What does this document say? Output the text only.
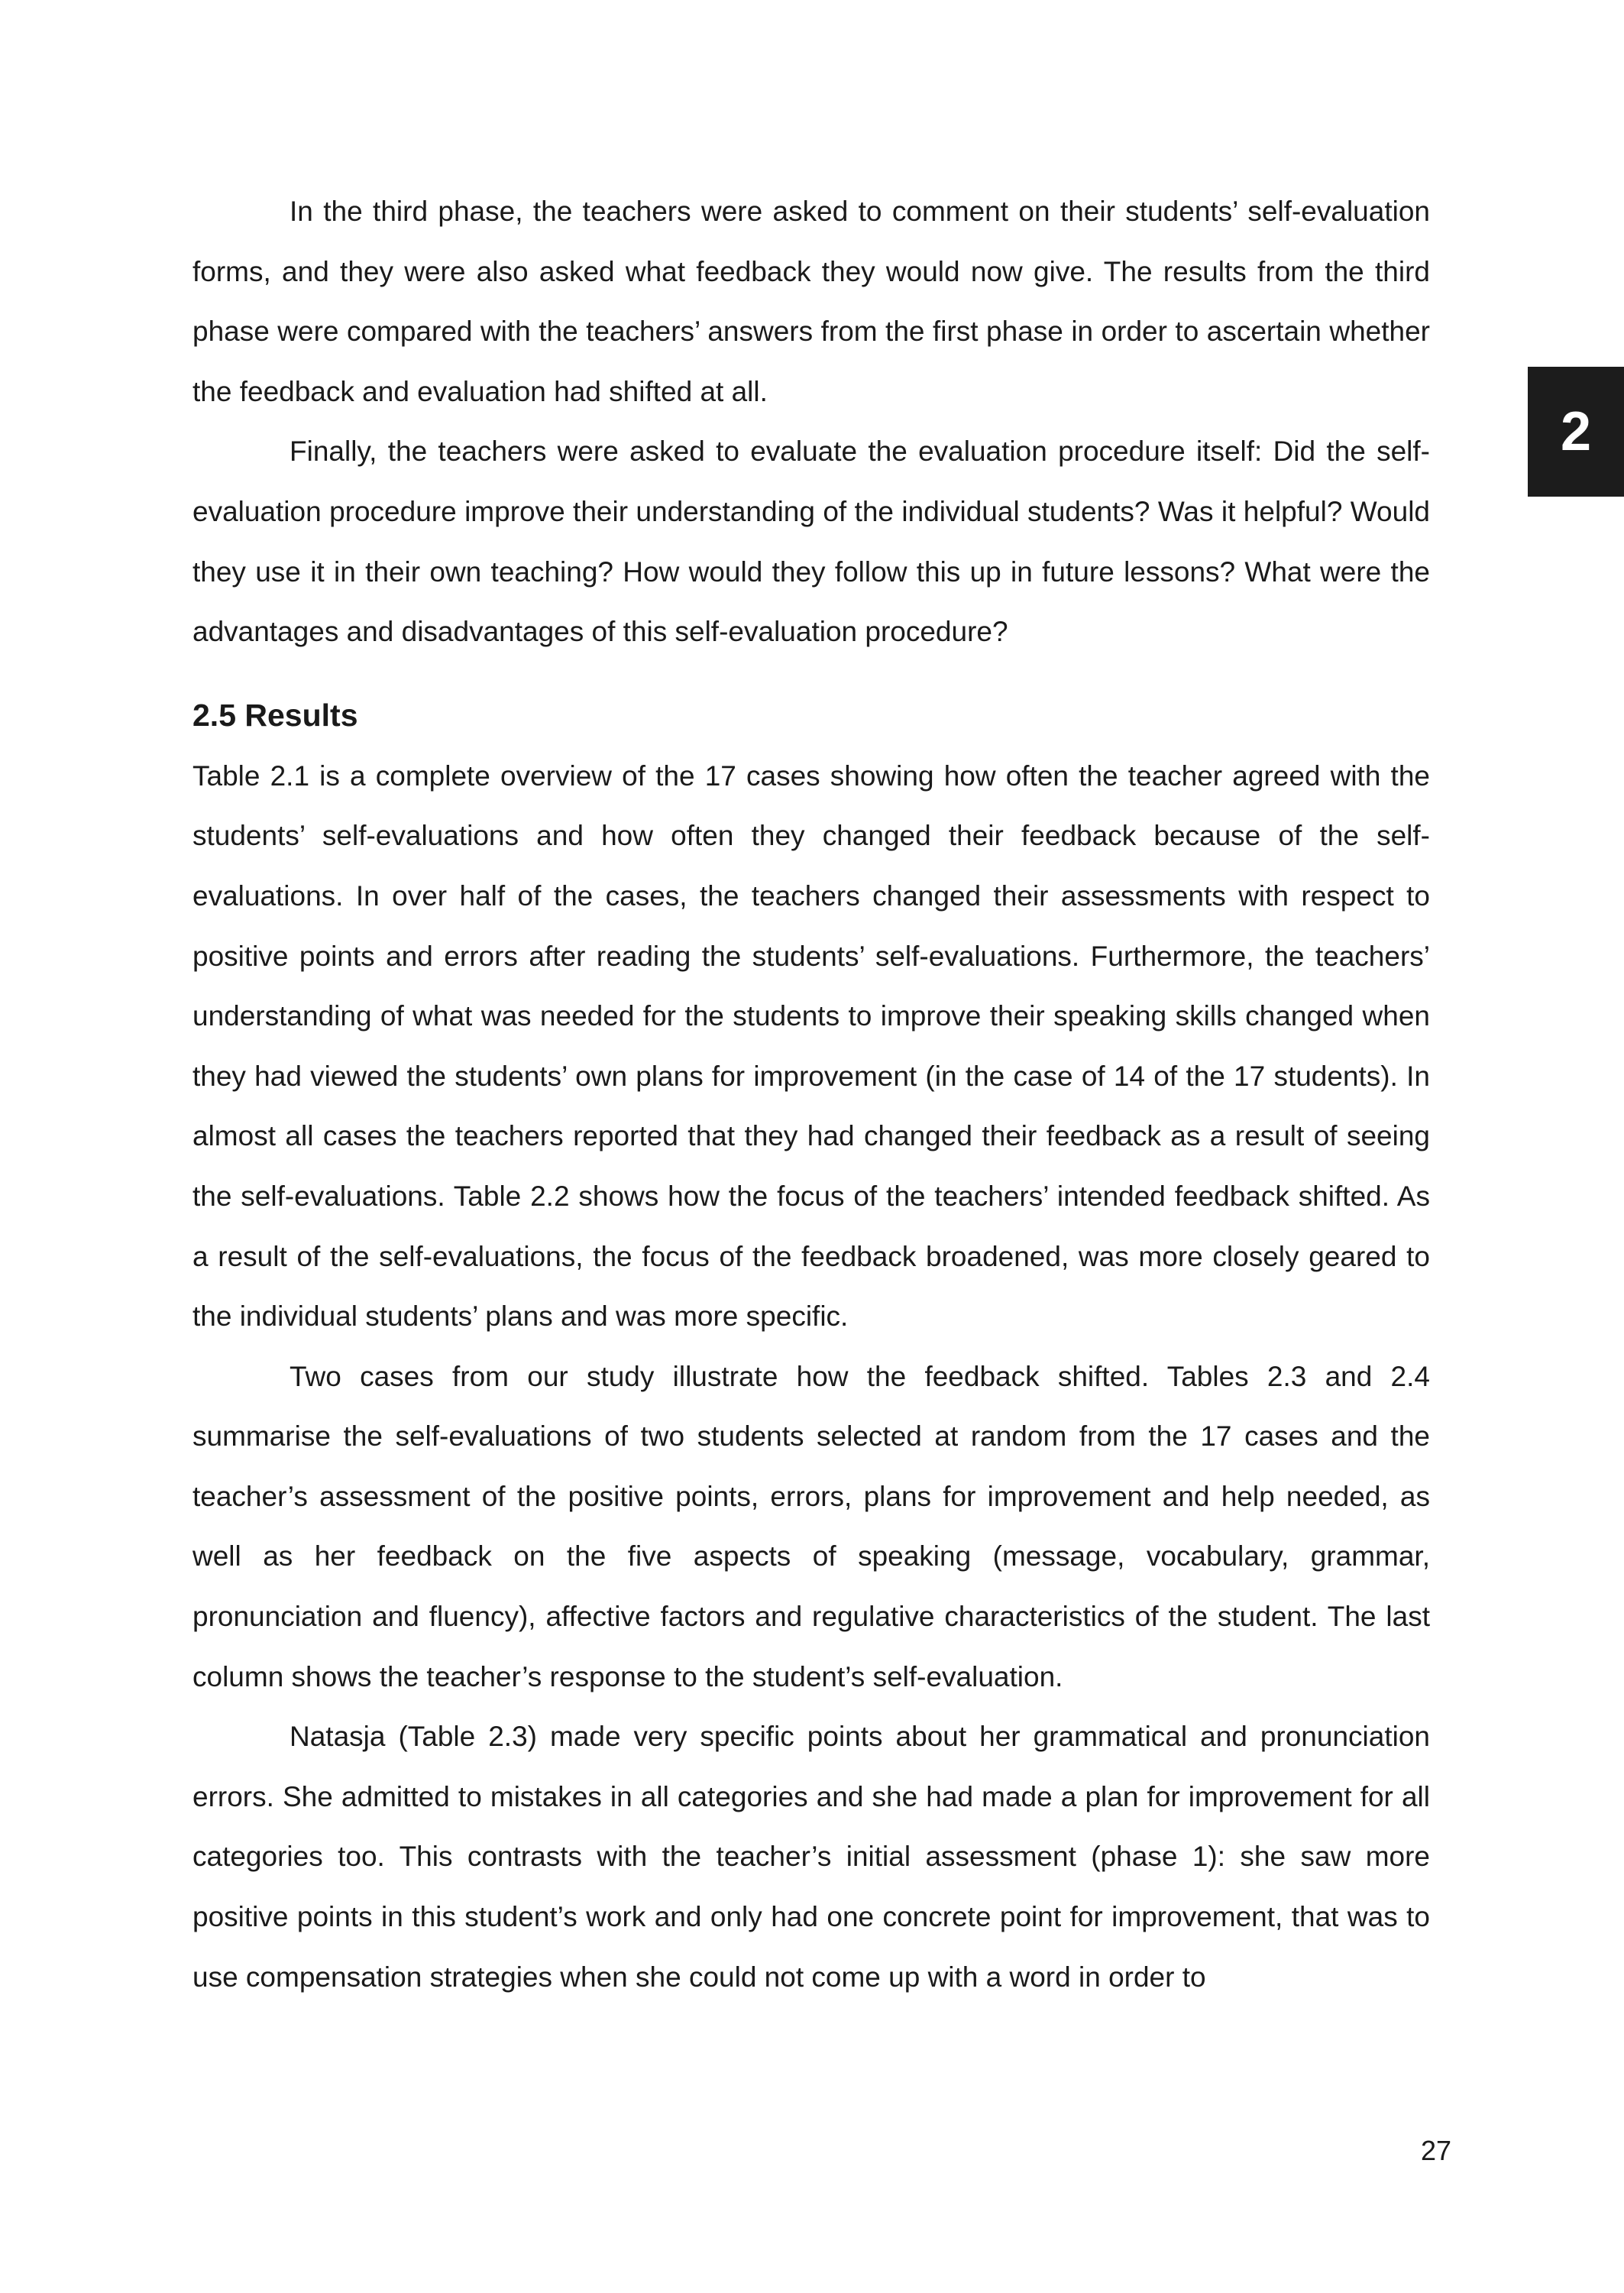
In the third phase, the teachers were asked to comment on their students’ self-evaluation forms, and they were also asked what feedback they would now give. The results from the third phase were compared with the teachers’ answers from the first phase in order to ascertain whether the feedback and evaluation had shifted at all.

Finally, the teachers were asked to evaluate the evaluation procedure itself: Did the self-evaluation procedure improve their understanding of the individual students? Was it helpful? Would they use it in their own teaching? How would they follow this up in future lessons? What were the advantages and disadvantages of this self-evaluation procedure?

2.5 Results

Table 2.1 is a complete overview of the 17 cases showing how often the teacher agreed with the students’ self-evaluations and how often they changed their feedback because of the self-evaluations. In over half of the cases, the teachers changed their assessments with respect to positive points and errors after reading the students’ self-evaluations. Furthermore, the teachers’ understanding of what was needed for the students to improve their speaking skills changed when they had viewed the students’ own plans for improvement (in the case of 14 of the 17 students). In almost all cases the teachers reported that they had changed their feedback as a result of seeing the self-evaluations. Table 2.2 shows how the focus of the teachers’ intended feedback shifted. As a result of the self-evaluations, the focus of the feedback broadened, was more closely geared to the individual students’ plans and was more specific.

Two cases from our study illustrate how the feedback shifted. Tables 2.3 and 2.4 summarise the self-evaluations of two students selected at random from the 17 cases and the teacher’s assessment of the positive points, errors, plans for improvement and help needed, as well as her feedback on the five aspects of speaking (message, vocabulary, grammar, pronunciation and fluency), affective factors and regulative characteristics of the student. The last column shows the teacher’s response to the student’s self-evaluation.

Natasja (Table 2.3) made very specific points about her grammatical and pronunciation errors. She admitted to mistakes in all categories and she had made a plan for improvement for all categories too. This contrasts with the teacher’s initial assessment (phase 1): she saw more positive points in this student’s work and only had one concrete point for improvement, that was to use compensation strategies when she could not come up with a word in order to

2
27
